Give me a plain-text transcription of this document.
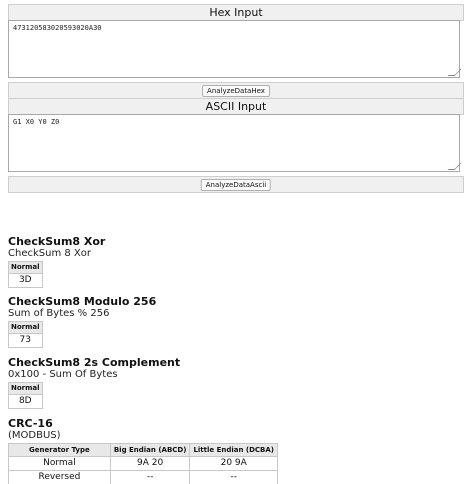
Hex Input
473120583020593020A30
AnalyzeDataHex
ASCII Input
G1 X0 Y0 Z0
AnalyzeDataAscii
CheckSum8 Xor
CheckSum 8 Xor
Normal
3D
CheckSum8 Modulo 256
Sum of Bytes % 256
Normal
73
CheckSum8 2s Complement
0x100 - Sum Of Bytes
Normal
8D
CRC-16
(MODBUS)
Generator Type	Big Endian (ABCD)	Little Endian (DCBA)
Normal	9A 20	20 9A
Reversed	--	--
